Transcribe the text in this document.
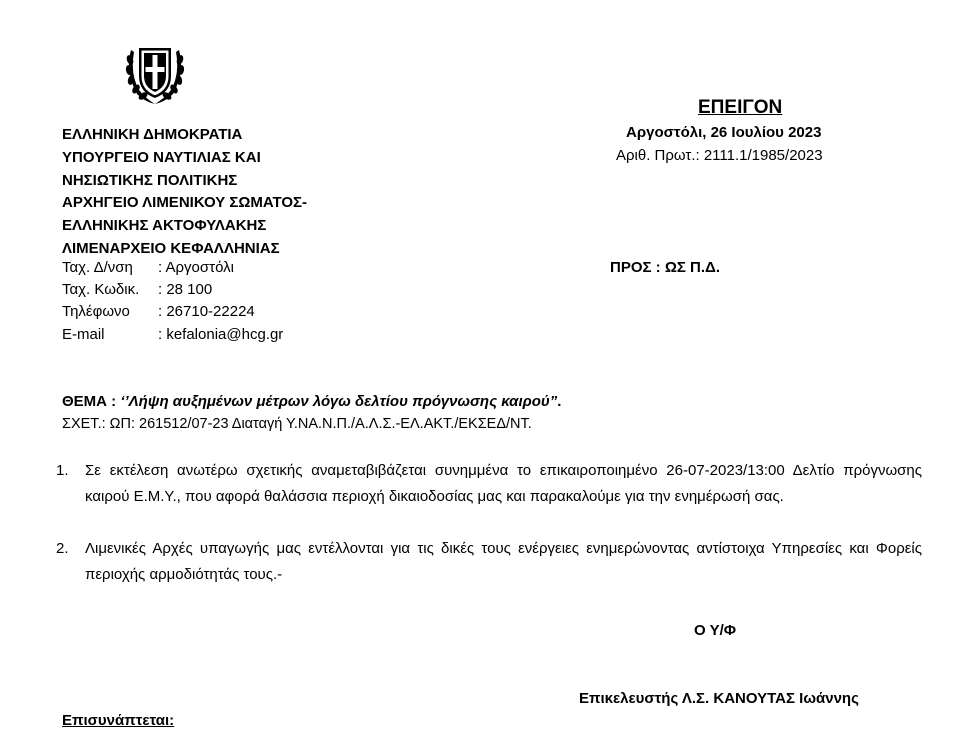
ΕΠΕΙΓΟΝ
Αργοστόλι, 26 Ιουλίου 2023
Αριθ. Πρωτ.: 2111.1/1985/2023
ΠΡΟΣ : ΩΣ Π.Δ.
ΕΛΛΗΝΙΚΗ ΔΗΜΟΚΡΑΤΙΑ
ΥΠΟΥΡΓΕΙΟ ΝΑΥΤΙΛΙΑΣ ΚΑΙ
ΝΗΣΙΩΤΙΚΗΣ ΠΟΛΙΤΙΚΗΣ
ΑΡΧΗΓΕΙΟ ΛΙΜΕΝΙΚΟΥ ΣΩΜΑΤΟΣ-
ΕΛΛΗΝΙΚΗΣ ΑΚΤΟΦΥΛΑΚΗΣ
ΛΙΜΕΝΑΡΧΕΙΟ ΚΕΦΑΛΛΗΝΙΑΣ
Ταχ. Δ/νση : Αργοστόλι
Ταχ. Κωδικ. : 28 100
Τηλέφωνο : 26710-22224
E-mail	: kefalonia@hcg.gr
ΘΕΜΑ : ‘’Λήψη αυξημένων μέτρων λόγω δελτίου πρόγνωσης καιρού”.
ΣΧΕΤ.: ΩΠ: 261512/07-23 Διαταγή Υ.ΝΑ.Ν.Π./Α.Λ.Σ.-ΕΛ.ΑΚΤ./ΕΚΣΕΔ/ΝΤ.
1. Σε εκτέλεση ανωτέρω σχετικής αναμεταβιβάζεται συνημμένα το επικαιροποιημένο 26-07-2023/13:00 Δελτίο πρόγνωσης καιρού Ε.Μ.Υ., που αφορά θαλάσσια περιοχή δικαιοδοσίας μας και παρακαλούμε για την ενημέρωσή σας.
2. Λιμενικές Αρχές υπαγωγής μας εντέλλονται για τις δικές τους ενέργειες ενημερώνοντας αντίστοιχα Υπηρεσίες και Φορείς περιοχής αρμοδιότητάς τους.-
Ο Υ/Φ
Επικελευστής Λ.Σ. ΚΑΝΟΥΤΑΣ Ιωάννης
Επισυνάπτεται:
